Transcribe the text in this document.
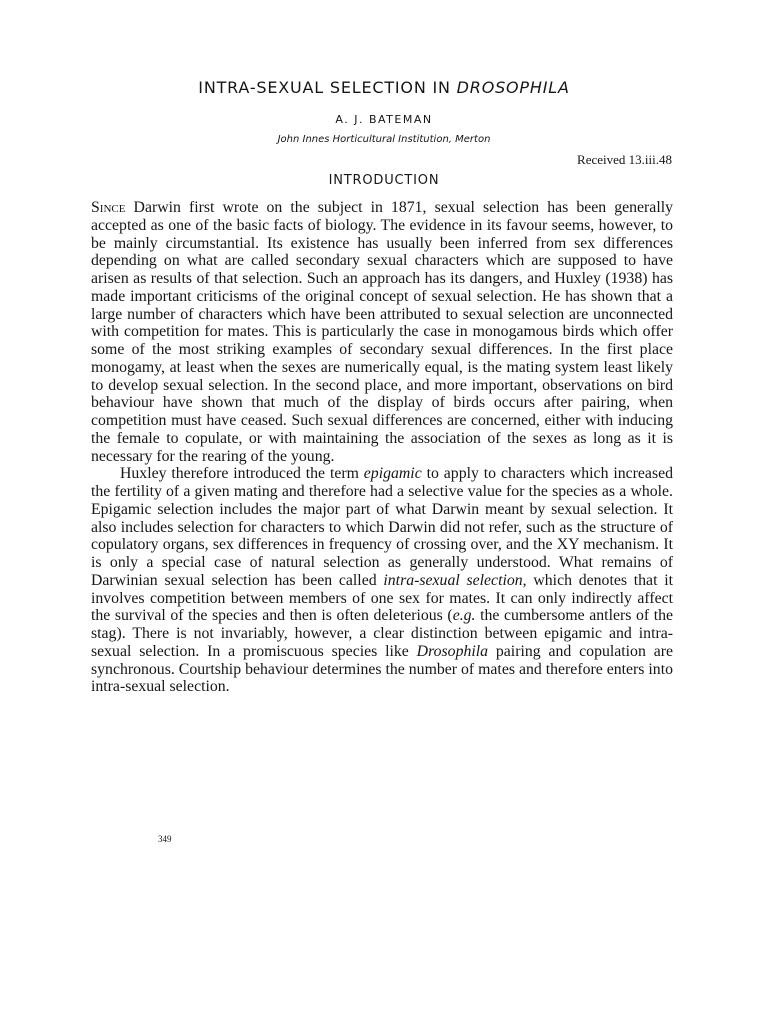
INTRA-SEXUAL SELECTION IN DROSOPHILA
A. J. BATEMAN
John Innes Horticultural Institution, Merton
Received 13.iii.48
INTRODUCTION

Since Darwin first wrote on the subject in 1871, sexual selection has been generally accepted as one of the basic facts of biology. The evidence in its favour seems, however, to be mainly circumstantial. Its existence has usually been inferred from sex differences depending on what are called secondary sexual characters which are supposed to have arisen as results of that selection. Such an approach has its dangers, and Huxley (1938) has made important criticisms of the original concept of sexual selection. He has shown that a large number of characters which have been attributed to sexual selection are unconnected with competition for mates. This is particularly the case in monogamous birds which offer some of the most striking examples of secondary sexual differences. In the first place monogamy, at least when the sexes are numerically equal, is the mating system least likely to develop sexual selection. In the second place, and more important, observations on bird behaviour have shown that much of the display of birds occurs after pairing, when competition must have ceased. Such sexual differences are concerned, either with inducing the female to copulate, or with maintaining the association of the sexes as long as it is necessary for the rearing of the young.

Huxley therefore introduced the term epigamic to apply to characters which increased the fertility of a given mating and therefore had a selective value for the species as a whole. Epigamic selection includes the major part of what Darwin meant by sexual selection. It also includes selection for characters to which Darwin did not refer, such as the structure of copulatory organs, sex differences in frequency of crossing over, and the XY mechanism. It is only a special case of natural selection as generally understood. What remains of Darwinian sexual selection has been called intra-sexual selection, which denotes that it involves competition between members of one sex for mates. It can only indirectly affect the survival of the species and then is often deleterious (e.g. the cumbersome antlers of the stag). There is not invariably, however, a clear distinction between epigamic and intra-sexual selection. In a promiscuous species like Drosophila pairing and copulation are synchronous. Courtship behaviour determines the number of mates and therefore enters into intra-sexual selection.

349
